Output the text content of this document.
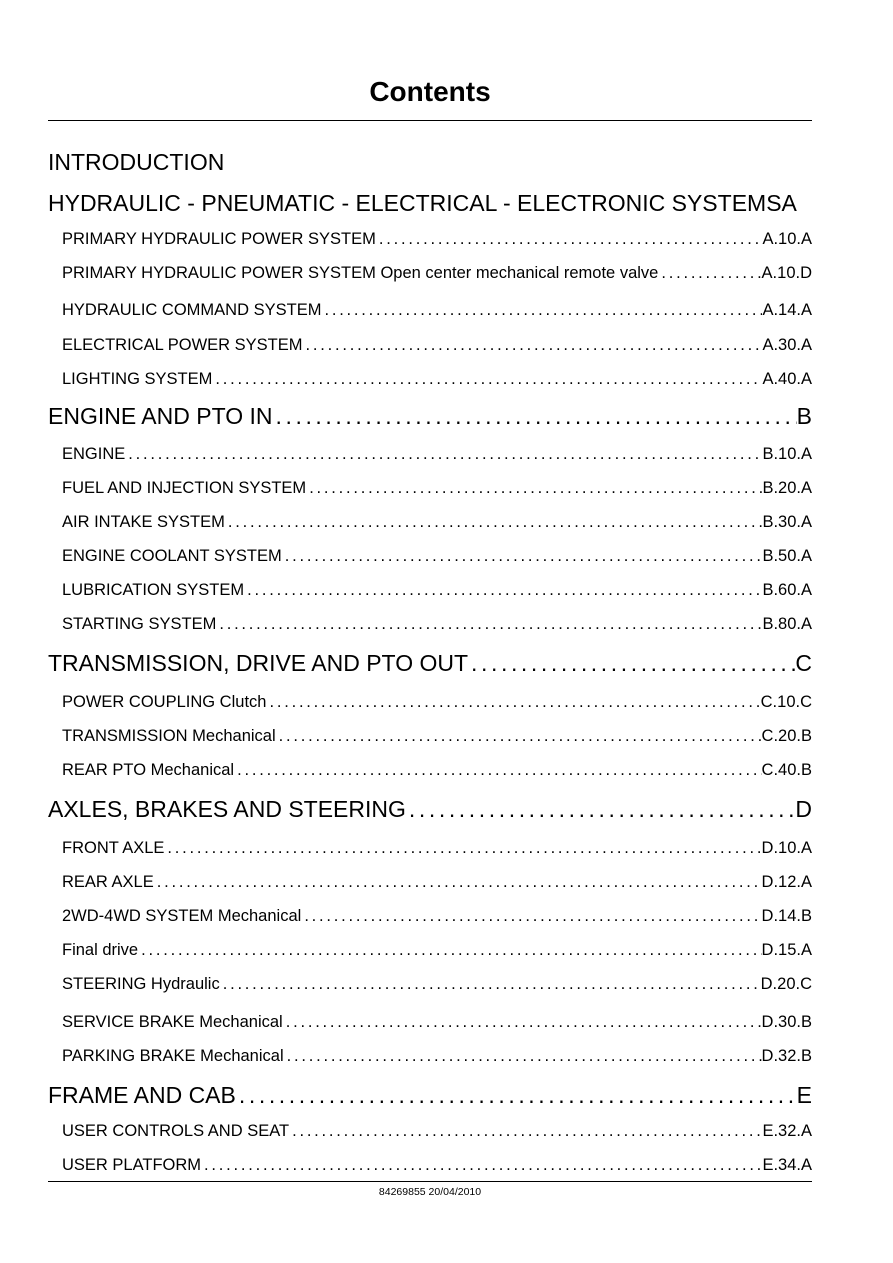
Contents
INTRODUCTION
HYDRAULIC - PNEUMATIC - ELECTRICAL - ELECTRONIC SYSTEMS A
PRIMARY HYDRAULIC POWER SYSTEM . . .	A.10.A
PRIMARY HYDRAULIC POWER SYSTEM Open center mechanical remote valve . . .	A.10.D
HYDRAULIC COMMAND SYSTEM . . .	A.14.A
ELECTRICAL POWER SYSTEM . . .	A.30.A
LIGHTING SYSTEM . . .	A.40.A
ENGINE AND PTO IN . . .	B
ENGINE . . .	B.10.A
FUEL AND INJECTION SYSTEM . . .	B.20.A
AIR INTAKE SYSTEM . . .	B.30.A
ENGINE COOLANT SYSTEM . . .	B.50.A
LUBRICATION SYSTEM . . .	B.60.A
STARTING SYSTEM . . .	B.80.A
TRANSMISSION, DRIVE AND PTO OUT . . .	C
POWER COUPLING Clutch . . .	C.10.C
TRANSMISSION Mechanical . . .	C.20.B
REAR PTO Mechanical . . .	C.40.B
AXLES, BRAKES AND STEERING . . .	D
FRONT AXLE . . .	D.10.A
REAR AXLE . . .	D.12.A
2WD-4WD SYSTEM Mechanical . . .	D.14.B
Final drive . . .	D.15.A
STEERING Hydraulic . . .	D.20.C
SERVICE BRAKE Mechanical . . .	D.30.B
PARKING BRAKE Mechanical . . .	D.32.B
FRAME AND CAB . . .	E
USER CONTROLS AND SEAT . . .	E.32.A
USER PLATFORM . . .	E.34.A
84269855 20/04/2010
